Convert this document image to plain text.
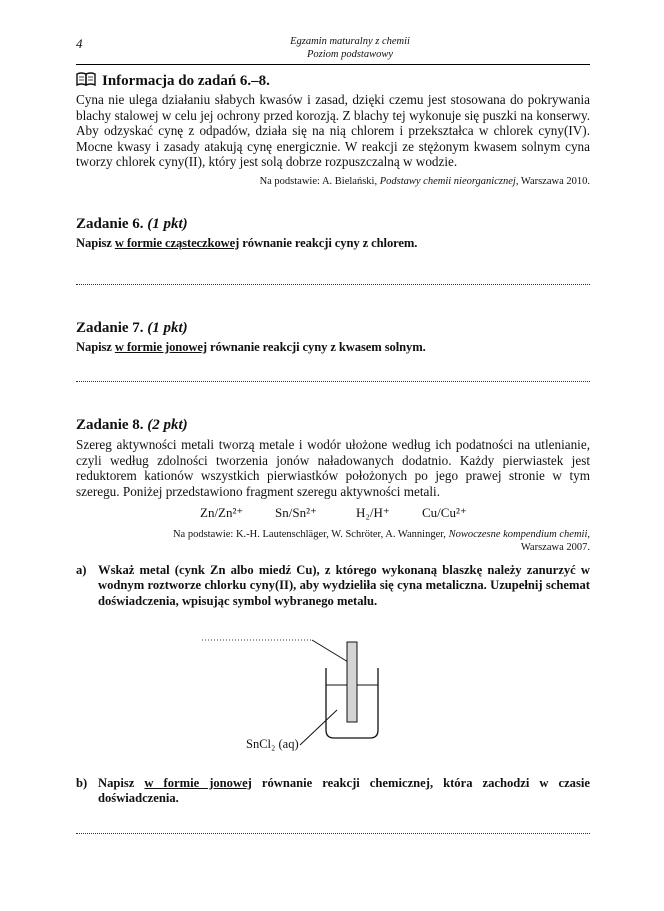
4	Egzamin maturalny z chemii
Poziom podstawowy
Informacja do zadań 6.–8.
Cyna nie ulega działaniu słabych kwasów i zasad, dzięki czemu jest stosowana do pokrywania blachy stalowej w celu jej ochrony przed korozją. Z blachy tej wykonuje się puszki na konserwy. Aby odzyskać cynę z odpadów, działa się na nią chlorem i przekształca w chlorek cyny(IV). Mocne kwasy i zasady atakują cynę energicznie. W reakcji ze stężonym kwasem solnym cyna tworzy chlorek cyny(II), który jest solą dobrze rozpuszczalną w wodzie.
Na podstawie: A. Bielański, Podstawy chemii nieorganicznej, Warszawa 2010.
Zadanie 6. (1 pkt)
Napisz w formie cząsteczkowej równanie reakcji cyny z chlorem.
Zadanie 7. (1 pkt)
Napisz w formie jonowej równanie reakcji cyny z kwasem solnym.
Zadanie 8. (2 pkt)
Szereg aktywności metali tworzą metale i wodór ułożone według ich podatności na utlenianie, czyli według zdolności tworzenia jonów naładowanych dodatnio. Każdy pierwiastek jest reduktorem kationów wszystkich pierwiastków położonych po jego prawej stronie w tym szeregu. Poniżej przedstawiono fragment szeregu aktywności metali.
Zn/Zn²⁺ Sn/Sn²⁺	H₂/H⁺ Cu/Cu²⁺
Na podstawie: K.-H. Lautenschläger, W. Schröter, A. Wanninger, Nowoczesne kompendium chemii,
Warszawa 2007.
a) Wskaż metal (cynk Zn albo miedź Cu), z którego wykonaną blaszkę należy zanurzyć w wodnym roztworze chlorku cyny(II), aby wydzieliła się cyna metaliczna. Uzupełnij schemat doświadczenia, wpisując symbol wybranego metalu.
SnCl₂ (aq)
b) Napisz w formie jonowej równanie reakcji chemicznej, która zachodzi w czasie doświadczenia.
